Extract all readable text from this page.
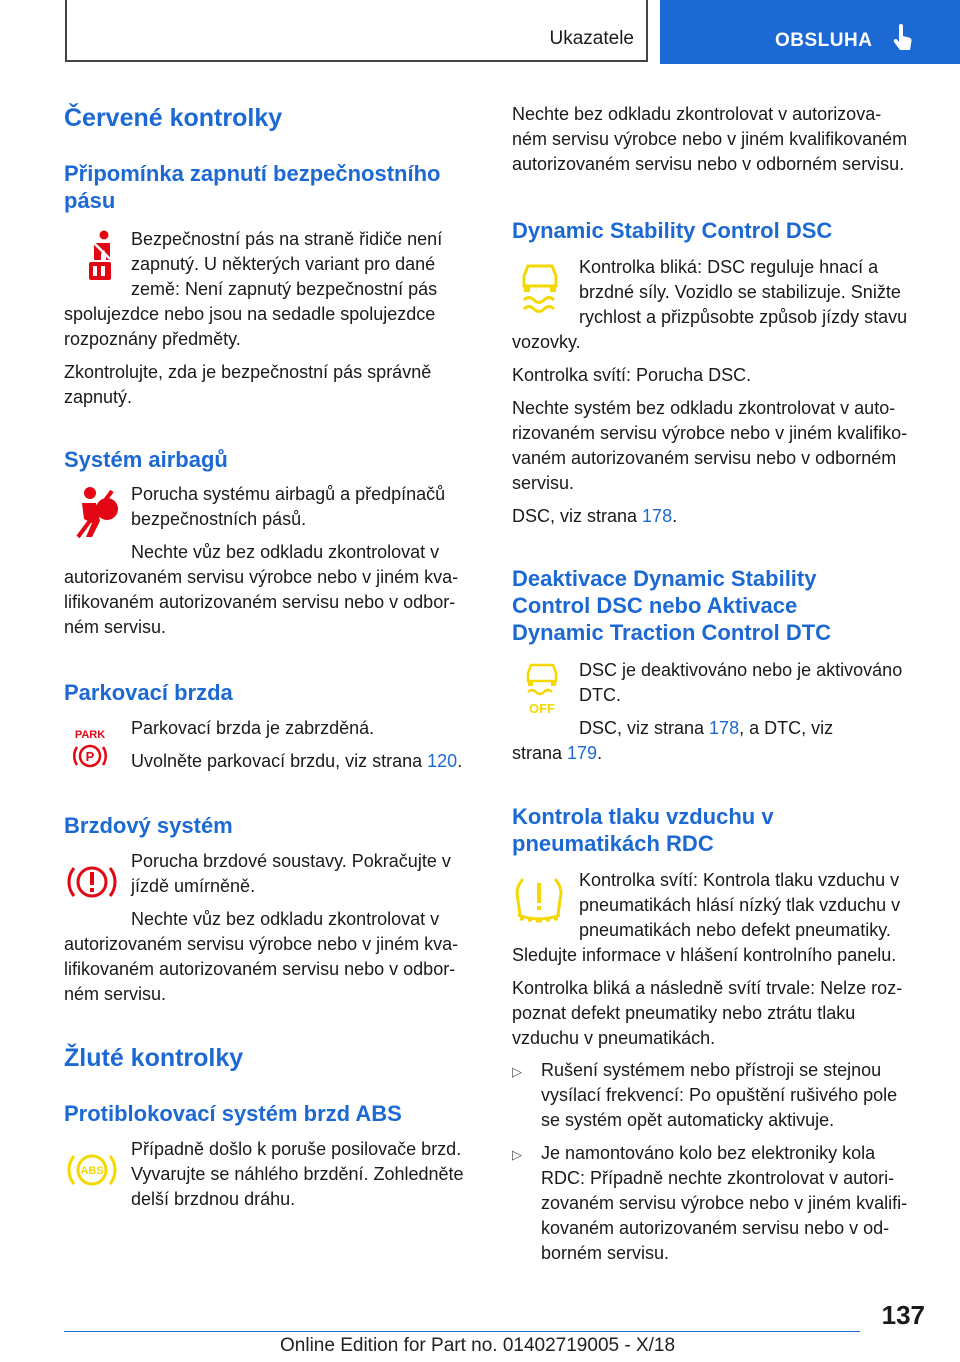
Ukazatele	OBSLUHA
Červené kontrolky
Připomínka zapnutí bezpečnostního
pásu

Bezpečnostní pás na straně řidiče není

zapnutý. U některých variant pro dané

země: Není zapnutý bezpečnostní pás

spolujezdce nebo jsou na sedadle spolujezdce

rozpoznány předměty.

Zkontrolujte, zda je bezpečnostní pás správně

zapnutý.

Systém airbagů

Porucha systému airbagů a předpínačů

bezpečnostních pásů.

Nechte vůz bez odkladu zkontrolovat v

autorizovaném servisu výrobce nebo v jiném kva-

lifikovaném autorizovaném servisu nebo v odbor-

ném servisu.

Parkovací brzda
PARK
P

Parkovací brzda je zabrzděná.

Uvolněte parkovací brzdu, viz strana 120.

Brzdový systém

Porucha brzdové soustavy. Pokračujte v

jízdě umírněně.

Nechte vůz bez odkladu zkontrolovat v

autorizovaném servisu výrobce nebo v jiném kva-

lifikovaném autorizovaném servisu nebo v odbor-

ném servisu.

Žluté kontrolky
Protiblokovací systém brzd ABS
ABS

Případně došlo k poruše posilovače brzd.

Vyvarujte se náhlého brzdění. Zohledněte

delší brzdnou dráhu.

Nechte bez odkladu zkontrolovat v autorizova-

ném servisu výrobce nebo v jiném kvalifikovaném

autorizovaném servisu nebo v odborném servisu.

Dynamic Stability Control DSC

Kontrolka bliká: DSC reguluje hnací a

brzdné síly. Vozidlo se stabilizuje. Snižte

rychlost a přizpůsobte způsob jízdy stavu

vozovky.

Kontrolka svítí: Porucha DSC.

Nechte systém bez odkladu zkontrolovat v auto-

rizovaném servisu výrobce nebo v jiném kvalifiko-

vaném autorizovaném servisu nebo v odborném

servisu.

DSC, viz strana 178.

Deaktivace Dynamic Stability
Control DSC nebo Aktivace
Dynamic Traction Control DTC
OFF

DSC je deaktivováno nebo je aktivováno

DTC.

DSC, viz strana 178, a DTC, viz

strana 179.

Kontrola tlaku vzduchu v
pneumatikách RDC

Kontrolka svítí: Kontrola tlaku vzduchu v

pneumatikách hlásí nízký tlak vzduchu v

pneumatikách nebo defekt pneumatiky.

Sledujte informace v hlášení kontrolního panelu.

Kontrolka bliká a následně svítí trvale: Nelze roz-

poznat defekt pneumatiky nebo ztrátu tlaku

vzduchu v pneumatikách.

▷ Rušení systémem nebo přístroji se stejnou
vysílací frekvencí: Po opuštění rušivého pole
se systém opět automaticky aktivuje.
▷ Je namontováno kolo bez elektroniky kola
RDC: Případně nechte zkontrolovat v autori-
zovaném servisu výrobce nebo v jiném kvalifi-
kovaném autorizovaném servisu nebo v od-
borném servisu.
137
Online Edition for Part no. 01402719005 - X/18
